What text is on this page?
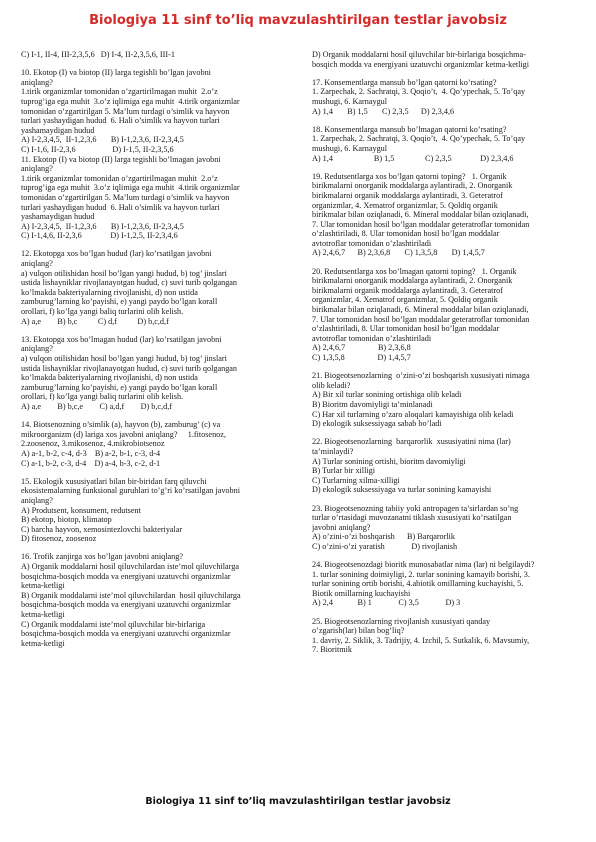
Biologiya 11 sinf to’liq mavzulashtirilgan testlar javobsiz
C) I-1, II-4, III-2,3,5,6   D) I-4, II-2,3,5,6, III-1
10. Ekotop (I) va biotop (II) larga tegishli bo’lgan javobni
aniqlang?
1.tirik organizmlar tomonidan o’zgartirilmagan muhit  2.o’z
tuprog’iga ega muhit  3.o’z iqlimiga ega muhit  4.tirik organizmlar
tomonidan o’zgartirilgan 5. Ma’lum turdagi o’simlik va hayvon
turlari yashaydigan hudud  6. Hali o’simlik va hayvon turlari
yashamaydigan hudud
A) I-2,3,4,5,  II-1,2,3,6       B) I-1,2,3,6, II-2,3,4,5
C) I-1,6, II-2,3,6                  D) I-1,5, II-2,3,5,6
11. Ekotop (I) va biotop (II) larga tegishli bo’lmagan javobni
aniqlang?
1.tirik organizmlar tomonidan o’zgartirilmagan muhit  2.o’z
tuprog’iga ega muhit  3.o’z iqlimiga ega muhit  4.tirik organizmlar
tomonidan o’zgartirilgan 5. Ma’lum turdagi o’simlik va hayvon
turlari yashaydigan hudud  6. Hali o’simlik va hayvon turlari
yashamaydigan hudud
A) I-2,3,4,5,  II-1,2,3,6       B) I-1,2,3,6, II-2,3,4,5
C) I-1,4,6, II-2,3,6              D) I-1,2,5, II-2,3,4,6
12. Ekotopga xos bo’lgan hudud (lar) ko’rsatilgan javobni
aniqlang?
a) vulqon otilishidan hosil bo’lgan yangi hudud, b) tog’ jinslari
ustida lishayniklar rivojlanayotgan hudud, c) suvi turib qolgangan
ko’lmakda bakteriyalarning rivojlanishi, d) non ustida
zamburug’larning ko’payishi, e) yangi paydo bo’lgan korall
orollari, f) ko’lga yangi baliq turlarini olib kelish.
A) a,e        B) b,c          C) d,f          D) b,c,d,f
13. Ekotopga xos bo’lmagan hudud (lar) ko’rsatilgan javobni
aniqlang?
a) vulqon otilishidan hosil bo’lgan yangi hudud, b) tog’ jinslari
ustida lishayniklar rivojlanayotgan hudud, c) suvi turib qolgangan
ko’lmakda bakteriyalarning rivojlanishi, d) non ustida
zamburug’larning ko’payishi, e) yangi paydo bo’lgan korall
orollari, f) ko’lga yangi baliq turlarini olib kelish.
A) a,e        B) b,c,e        C) a,d,f        D) b,c,d,f
14. Biotsenozning o’simlik (a), hayvon (b), zamburug’ (c) va
mikroorganizm (d) lariga xos javobni aniqlang?     1.fitosenoz,
2.zoosenoz, 3.mikosenoz, 4.mikrobiotsenoz
A) a-1, b-2, c-4, d-3    B) a-2, b-1, c-3, d-4
C) a-1, b-2, c-3, d-4    D) a-4, b-3, c-2, d-1
15. Ekologik xususiyatlari bilan bir-biridan farq qiluvchi
ekosistemalarning funksional guruhlari to’g’ri ko’rsatilgan javobni
aniqlang?
A) Produtsent, konsument, redutsent
B) ekotop, biotop, klimatop
C) barcha hayvon, xemosintezlovchi bakteriyalar
D) fitosenoz, zoosenoz
16. Trofik zanjirga xos bo’lgan javobni aniqlang?
A) Organik moddalarni hosil qiluvchilardan iste’mol qiluvchilarga
bosqichma-bosqich modda va energiyani uzatuvchi organizmlar
ketma-ketligi
B) Organik moddalarni iste’mol qiluvchilardan  hosil qiluvchilarga
bosqichma-bosqich modda va energiyani uzatuvchi organizmlar
ketma-ketligi
C) Organik moddalarni iste’mol qiluvchilar bir-birlariga
bosqichma-bosqich modda va energiyani uzatuvchi organizmlar
ketma-ketligi
D) Organik moddalarni hosil qiluvchilar bir-birlariga bosqichma-
bosqich modda va energiyani uzatuvchi organizmlar ketma-ketligi
17. Konsementlarga mansub bo’lgan qatorni ko’rsating?
1. Zarpechak, 2. Sachratqi, 3. Qoqio’t,  4. Qo’ypechak, 5. To’qay
mushugi, 6. Karnaygul
A) 1,4       B) 1,5       C) 2,3,5      D) 2,3,4,6
18. Konsementlarga mansub bo’lmagan qatorni ko’rsating?
1. Zarpechak, 2. Sachratqi, 3. Qoqio’t,  4. Qo’ypechak, 5. To’qay
mushugi, 6. Karnaygul
A) 1,4                    B) 1,5               C) 2,3,5              D) 2,3,4,6
19. Redutsentlarga xos bo’lgan qatorni toping?   1. Organik
birikmalarni onorganik moddalarga aylantiradi, 2. Onorganik
birikmalarni organik moddalarga aylantiradi, 3. Geteratrof
organizmlar, 4. Xematrof organizmlar, 5. Qoldiq organik
birikmalar bilan oziqlanadi, 6. Mineral moddalar bilan oziqlanadi,
7. Ular tomonidan hosil bo’lgan moddalar geteratroflar tomonidan
o’zlashtiriladi, 8. Ular tomonidan hosil bo’lgan moddalar
avtotroflar tomonidan o’zlashtiriladi
A) 2,4,6,7      B) 2,3,6,8       C) 1,3,5,8       D) 1,4,5,7
20. Redutsentlarga xos bo’lmagan qatorni toping?   1. Organik
birikmalarni onorganik moddalarga aylantiradi, 2. Onorganik
birikmalarni organik moddalarga aylantiradi, 3. Geteratrof
organizmlar, 4. Xematrof organizmlar, 5. Qoldiq organik
birikmalar bilan oziqlanadi, 6. Mineral moddalar bilan oziqlanadi,
7. Ular tomonidan hosil bo’lgan moddalar geteratroflar tomonidan
o’zlashtiriladi, 8. Ular tomonidan hosil bo’lgan moddalar
avtotroflar tomonidan o’zlashtiriladi
A) 2,4,6,7                B) 2,3,6,8
C) 1,3,5,8                D) 1,4,5,7
21. Biogeotsenozlarning  o’zini-o’zi boshqarish xususiyati nimaga
olib keladi?
A) Bir xil turlar sonining ortishiga olib keladi
B) Bioritm davomiyligi ta’minlanadi
C) Har xil turlarning o’zaro aloqalari kamayishiga olib keladi
D) ekologik suksessiyaga sabab bo’ladi
22. Biogeotsenozlarning  barqarorlik  xususiyatini nima (lar)
ta’minlaydi?
A) Turlar sonining ortishi, bioritm davomiyligi
B) Turlar bir xilligi
C) Turlarning xilma-xilligi
D) ekologik suksessiyaga va turlar sonining kamayishi
23. Biogeotsenozning tabiiy yoki antropagen ta’sirlardan so’ng
turlar o’rtasidagi muvozanatni tiklash xususiyati ko’rsatilgan
javobni aniqlang?
A) o’zini-o’zi boshqarish      B) Barqarorlik
C) o’zini-o’zi yaratish             D) rivojlanish
24. Biogeotsenozdagi bioritk munosabatlar nima (lar) ni belgilaydi?
1. turlar sonining doimiyligi, 2. turlar sonining kamayib borishi, 3.
turlar sonining ortib borishi, 4.abiotik omillarning kuchayishi, 5.
Biotik omillarning kuchayishi
A) 2,4            B) 1             C) 3,5             D) 3
25. Biogeotsenozlarning rivojlanish xususiyati qanday
o’zgarish(lar) bilan bog’liq?
1. davriy, 2. Siklik, 3. Tadrijiy, 4. Izchil, 5. Sutkalik, 6. Mavsumiy,
7. Bioritmik
Biologiya 11 sinf to’liq mavzulashtirilgan testlar javobsiz
